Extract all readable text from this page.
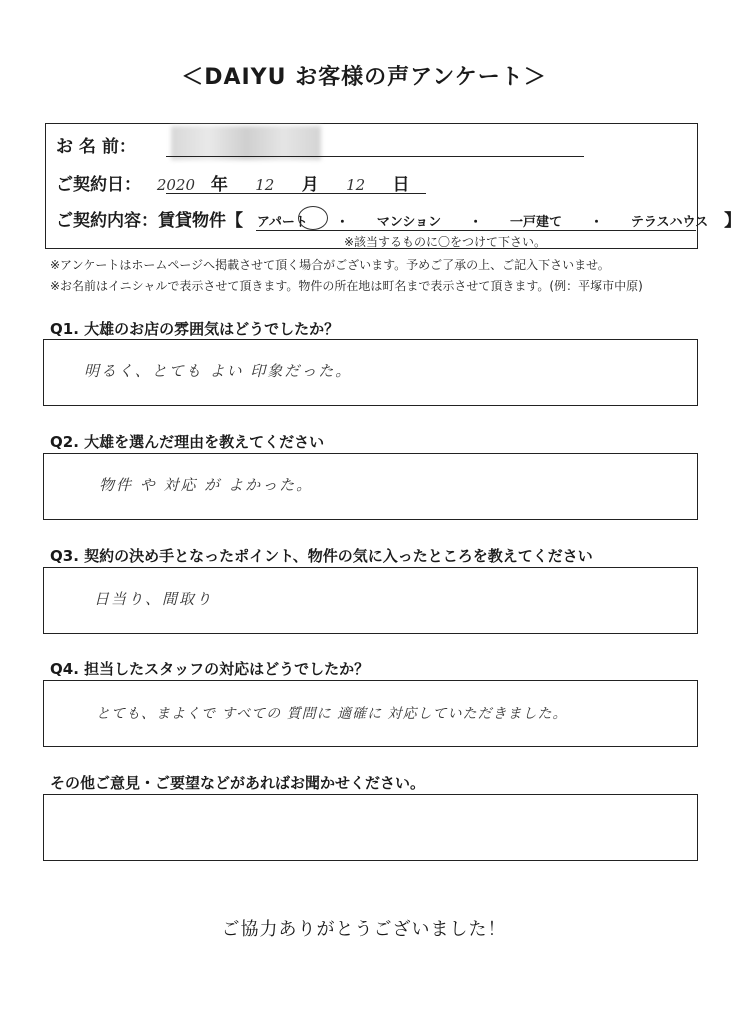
＜DAIYU お客様の声アンケート＞
お 名 前：
ご契約日： 2020 年 12 月 12 日
ご契約内容：賃貸物件【 アパート ・ マンション ・ 一戸建て ・ テラスハウス 】
※該当するものに〇をつけて下さい。
※アンケートはホームページへ掲載させて頂く場合がございます。予めご了承の上、ご記入下さいませ。
※お名前はイニシャルで表示させて頂きます。物件の所在地は町名まで表示させて頂きます。(例：平塚市中原)
Q1. 大雄のお店の雰囲気はどうでしたか？
明るく、とても よい 印象だった。
Q2. 大雄を選んだ理由を教えてください
物件 や 対応 が よかった。
Q3. 契約の決め手となったポイント、物件の気に入ったところを教えてください
日当り、間取り
Q4. 担当したスタッフの対応はどうでしたか？
とても、まよくで すべての 質問に 適確に 対応していただきました。
その他ご意見・ご要望などがあればお聞かせください。
ご協力ありがとうございました！
